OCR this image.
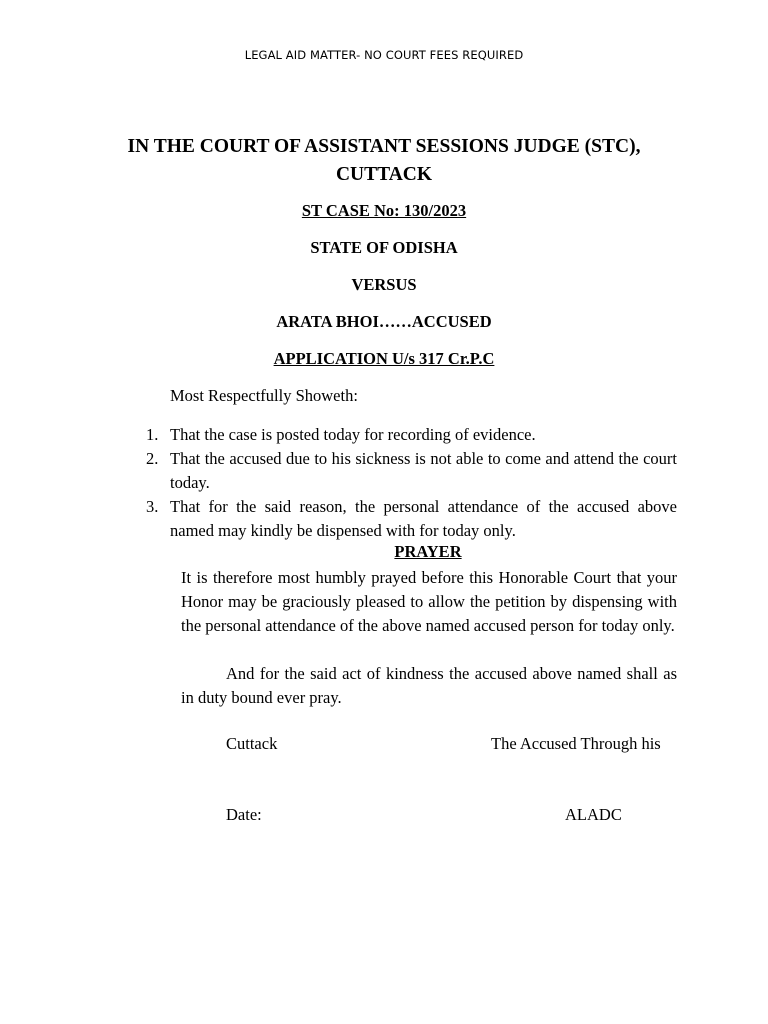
LEGAL AID MATTER- NO COURT FEES REQUIRED
IN THE COURT OF ASSISTANT SESSIONS JUDGE (STC),
CUTTACK
ST CASE No: 130/2023
STATE OF ODISHA
VERSUS
ARATA BHOI……ACCUSED
APPLICATION U/s 317 Cr.P.C
Most Respectfully Showeth:
1. That the case is posted today for recording of evidence.
2. That the accused due to his sickness is not able to come and attend the court today.
3. That for the said reason, the personal attendance of the accused above named may kindly be dispensed with for today only.
PRAYER

It is therefore most humbly prayed before this Honorable Court that your Honor may be graciously pleased to allow the petition by dispensing with the personal attendance of the above named accused person for today only.

And for the said act of kindness the accused above named shall as in duty bound ever pray.

Cuttack	The Accused Through his
Date:	ALADC
